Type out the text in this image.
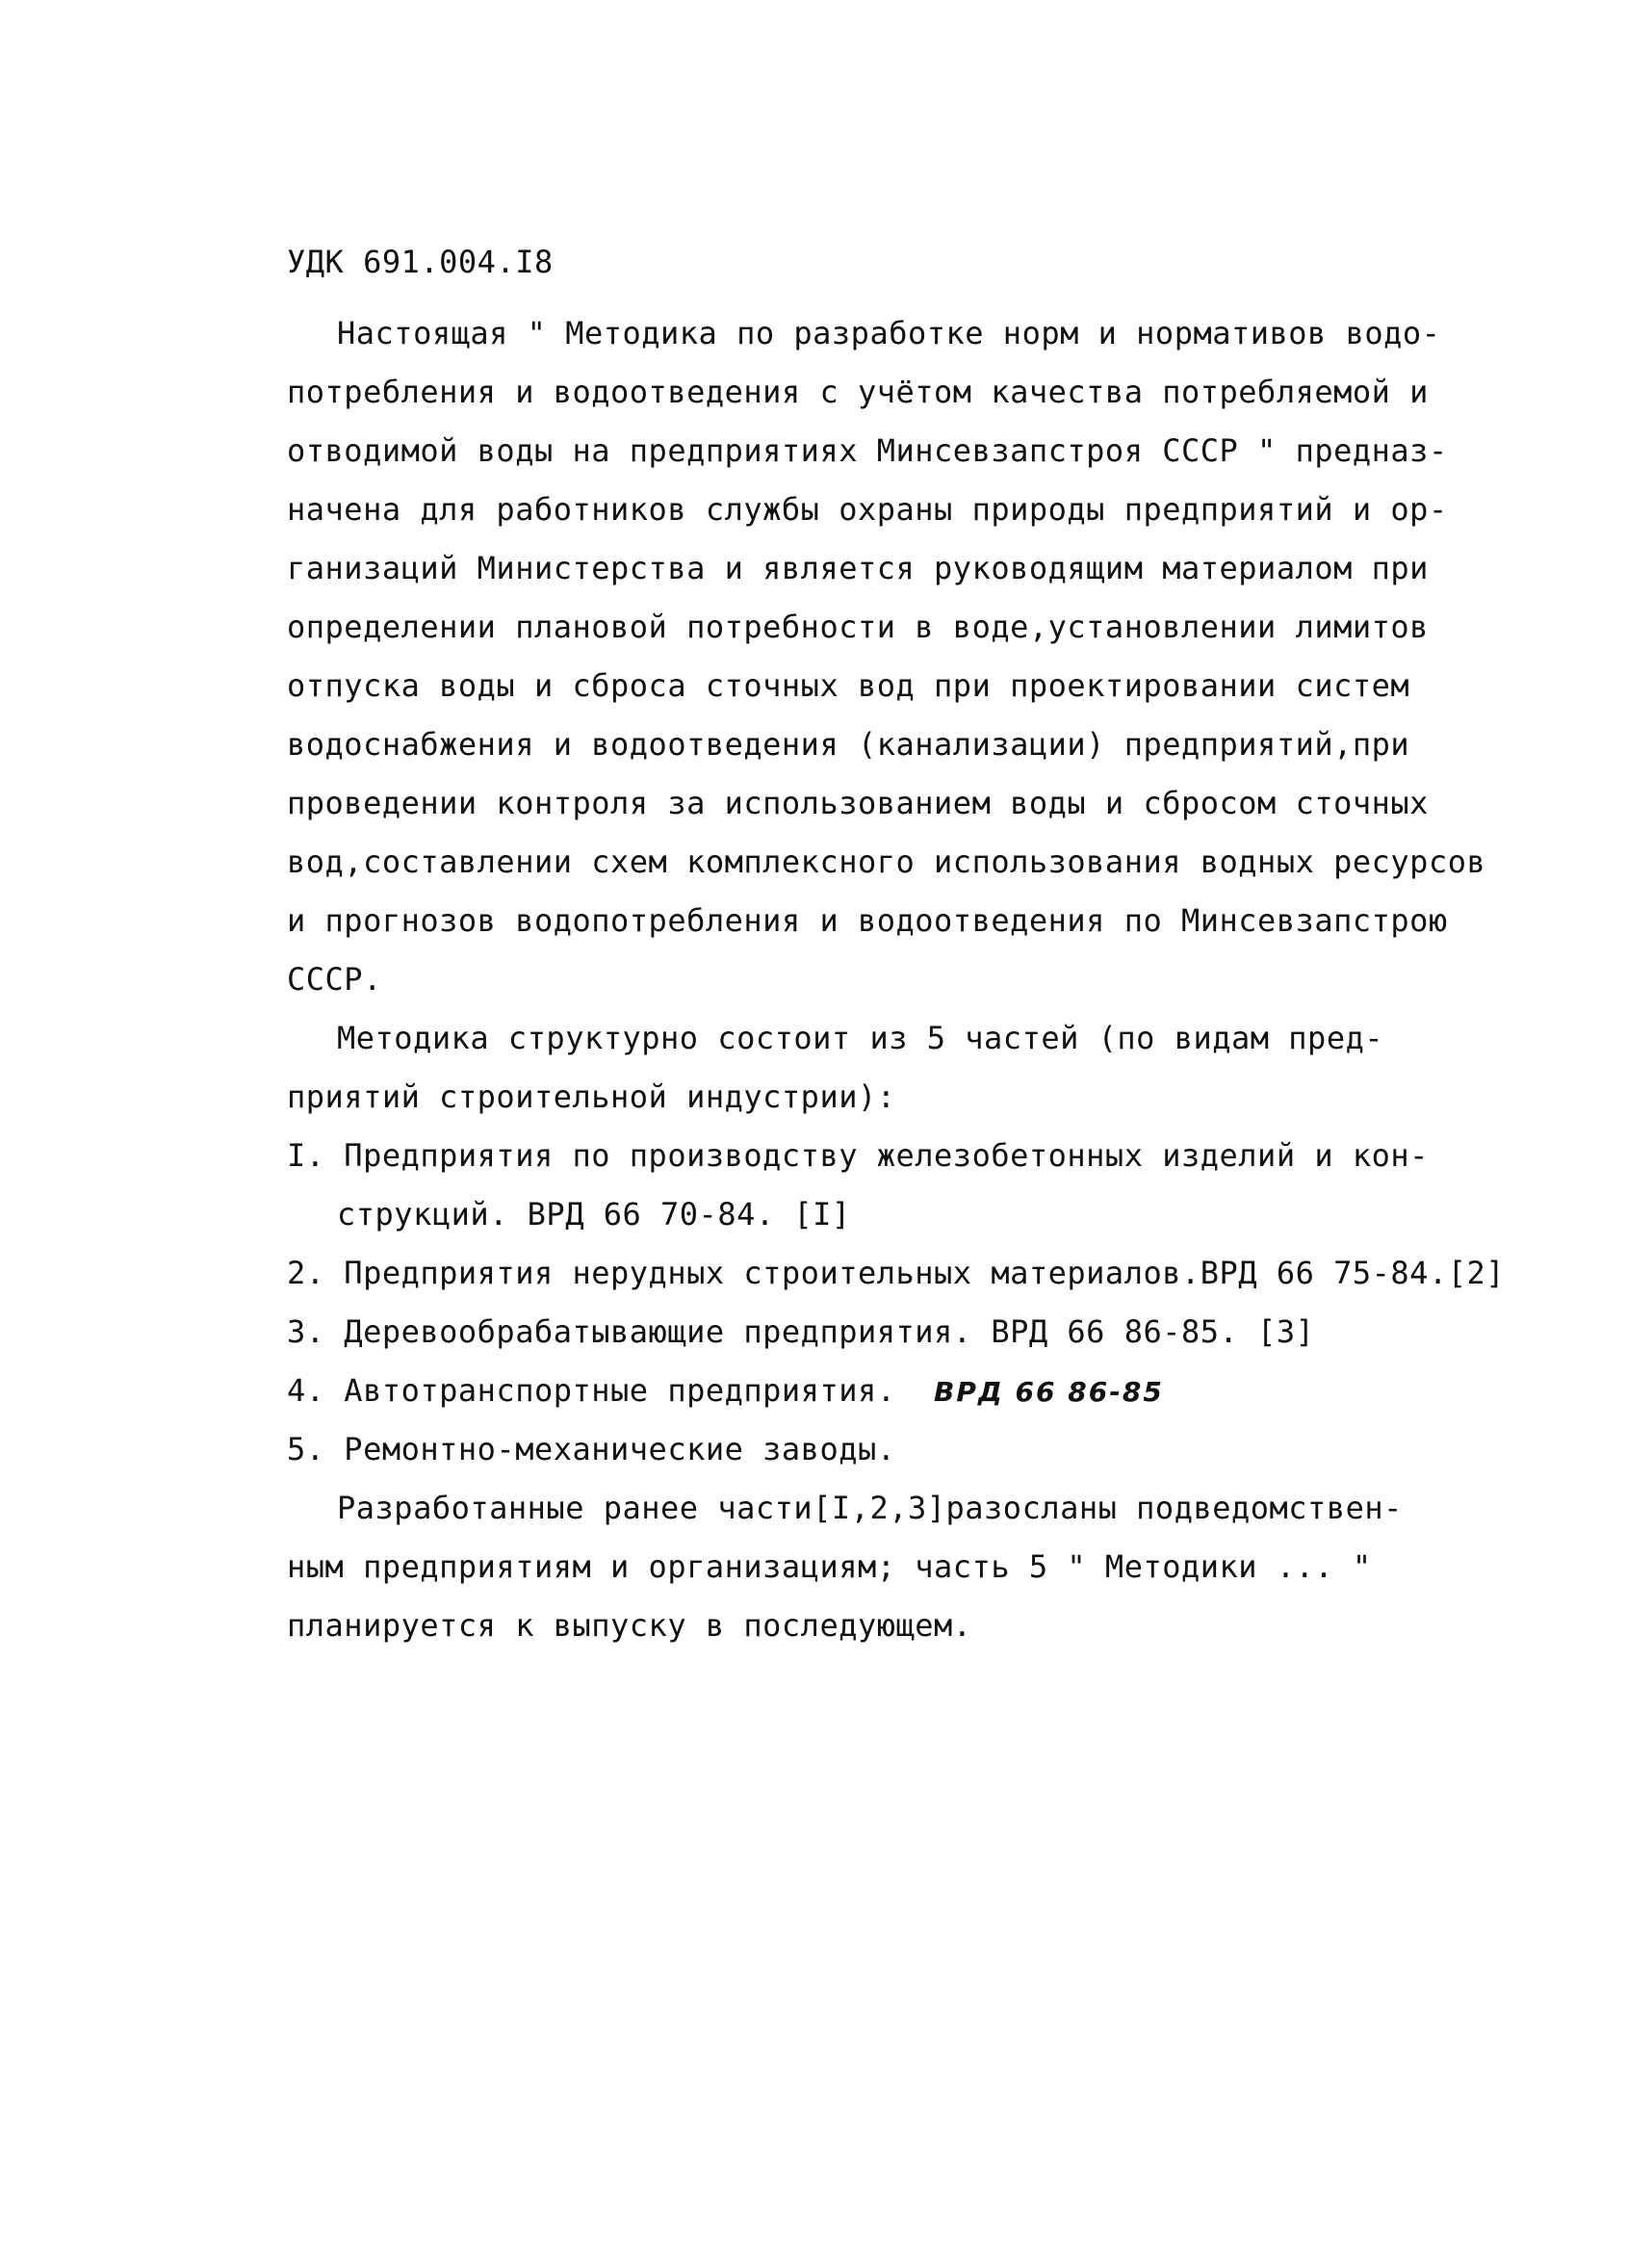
УДК 691.004.I8
Настоящая " Методика по разработке норм и нормативов водо-
потребления и водоотведения с учётом качества потребляемой и
отводимой воды на предприятиях Минсевзапстроя СССР " предназ-
начена для работников службы охраны природы предприятий и ор-
ганизаций Министерства и является руководящим материалом при
определении плановой потребности в воде,установлении лимитов
отпуска воды и сброса сточных вод при проектировании систем
водоснабжения и водоотведения (канализации) предприятий,при
проведении контроля за использованием воды и сбросом сточных
вод,составлении схем комплексного использования водных ресурсов
и прогнозов водопотребления и водоотведения по Минсевзапстрою
СССР.
Методика структурно состоит из 5 частей (по видам пред-
приятий строительной индустрии):
I. Предприятия по производству железобетонных изделий и кон-
струкций. ВРД 66 70-84. [I]
2. Предприятия нерудных строительных материалов.ВРД 66 75-84.[2]
3. Деревообрабатывающие предприятия. ВРД 66 86-85. [3]
4. Автотранспортные предприятия. ВРД 66 86-85
5. Ремонтно-механические заводы.
Разработанные ранее части[I,2,3]разосланы подведомствен-
ным предприятиям и организациям; часть 5 " Методики ... "
планируется к выпуску в последующем.
